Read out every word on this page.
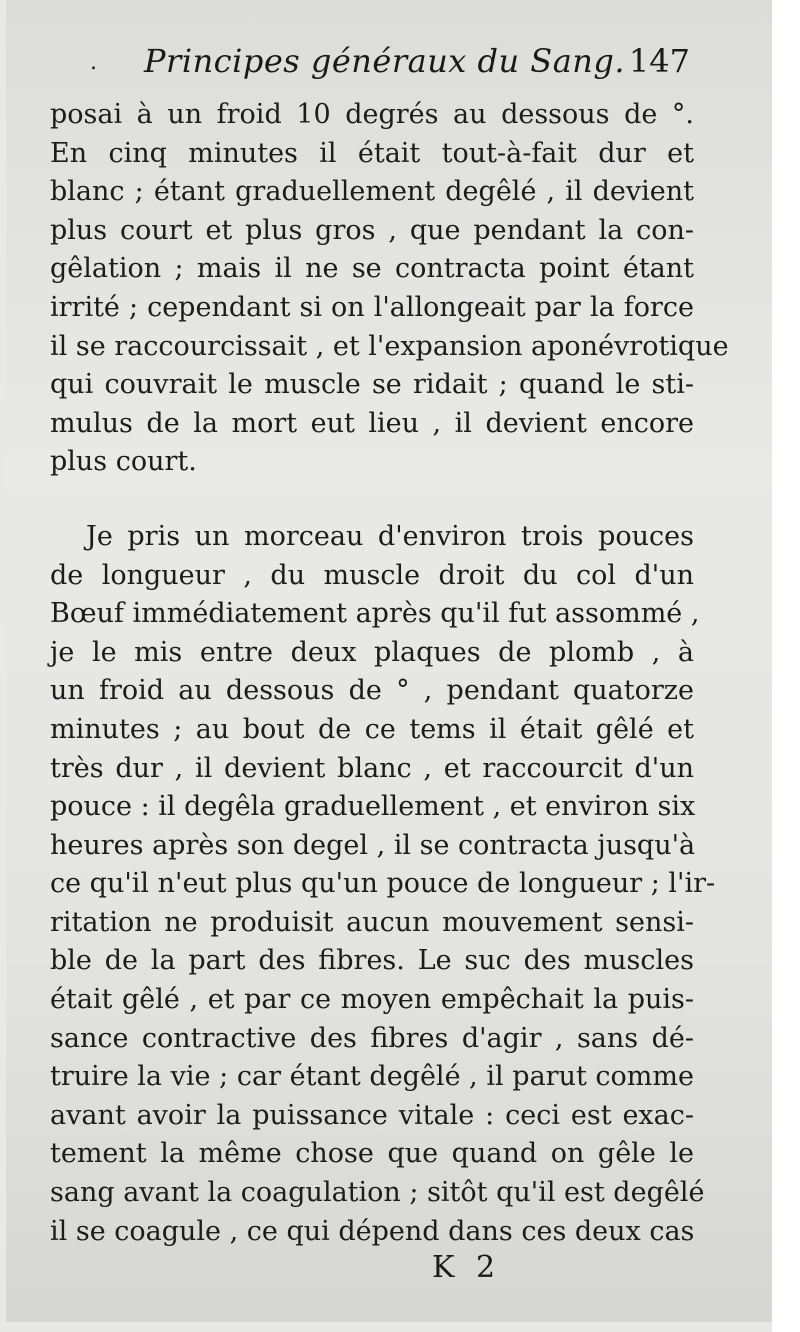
. Principes généraux du Sang. 147
posai à un froid 10 degrés au dessous de °.
En cinq minutes il était tout-à-fait dur et
blanc ; étant graduellement degêlé , il devient
plus court et plus gros , que pendant la con-
gêlation ; mais il ne se contracta point étant
irrité ; cependant si on l'allongeait par la force
il se raccourcissait , et l'expansion aponévrotique
qui couvrait le muscle se ridait ; quand le sti-
mulus de la mort eut lieu , il devient encore
plus court.
Je pris un morceau d'environ trois pouces
de longueur , du muscle droit du col d'un
Bœuf immédiatement après qu'il fut assommé ,
je le mis entre deux plaques de plomb , à
un froid au dessous de ° , pendant quatorze
minutes ; au bout de ce tems il était gêlé et
très dur , il devient blanc , et raccourcit d'un
pouce : il degêla graduellement , et environ six
heures après son degel , il se contracta jusqu'à
ce qu'il n'eut plus qu'un pouce de longueur ; l'ir-
ritation ne produisit aucun mouvement sensi-
ble de la part des fibres. Le suc des muscles
était gêlé , et par ce moyen empêchait la puis-
sance contractive des fibres d'agir , sans dé-
truire la vie ; car étant degêlé , il parut comme
avant avoir la puissance vitale : ceci est exac-
tement la même chose que quand on gêle le
sang avant la coagulation ; sitôt qu'il est degêlé
il se coagule , ce qui dépend dans ces deux cas
K 2
